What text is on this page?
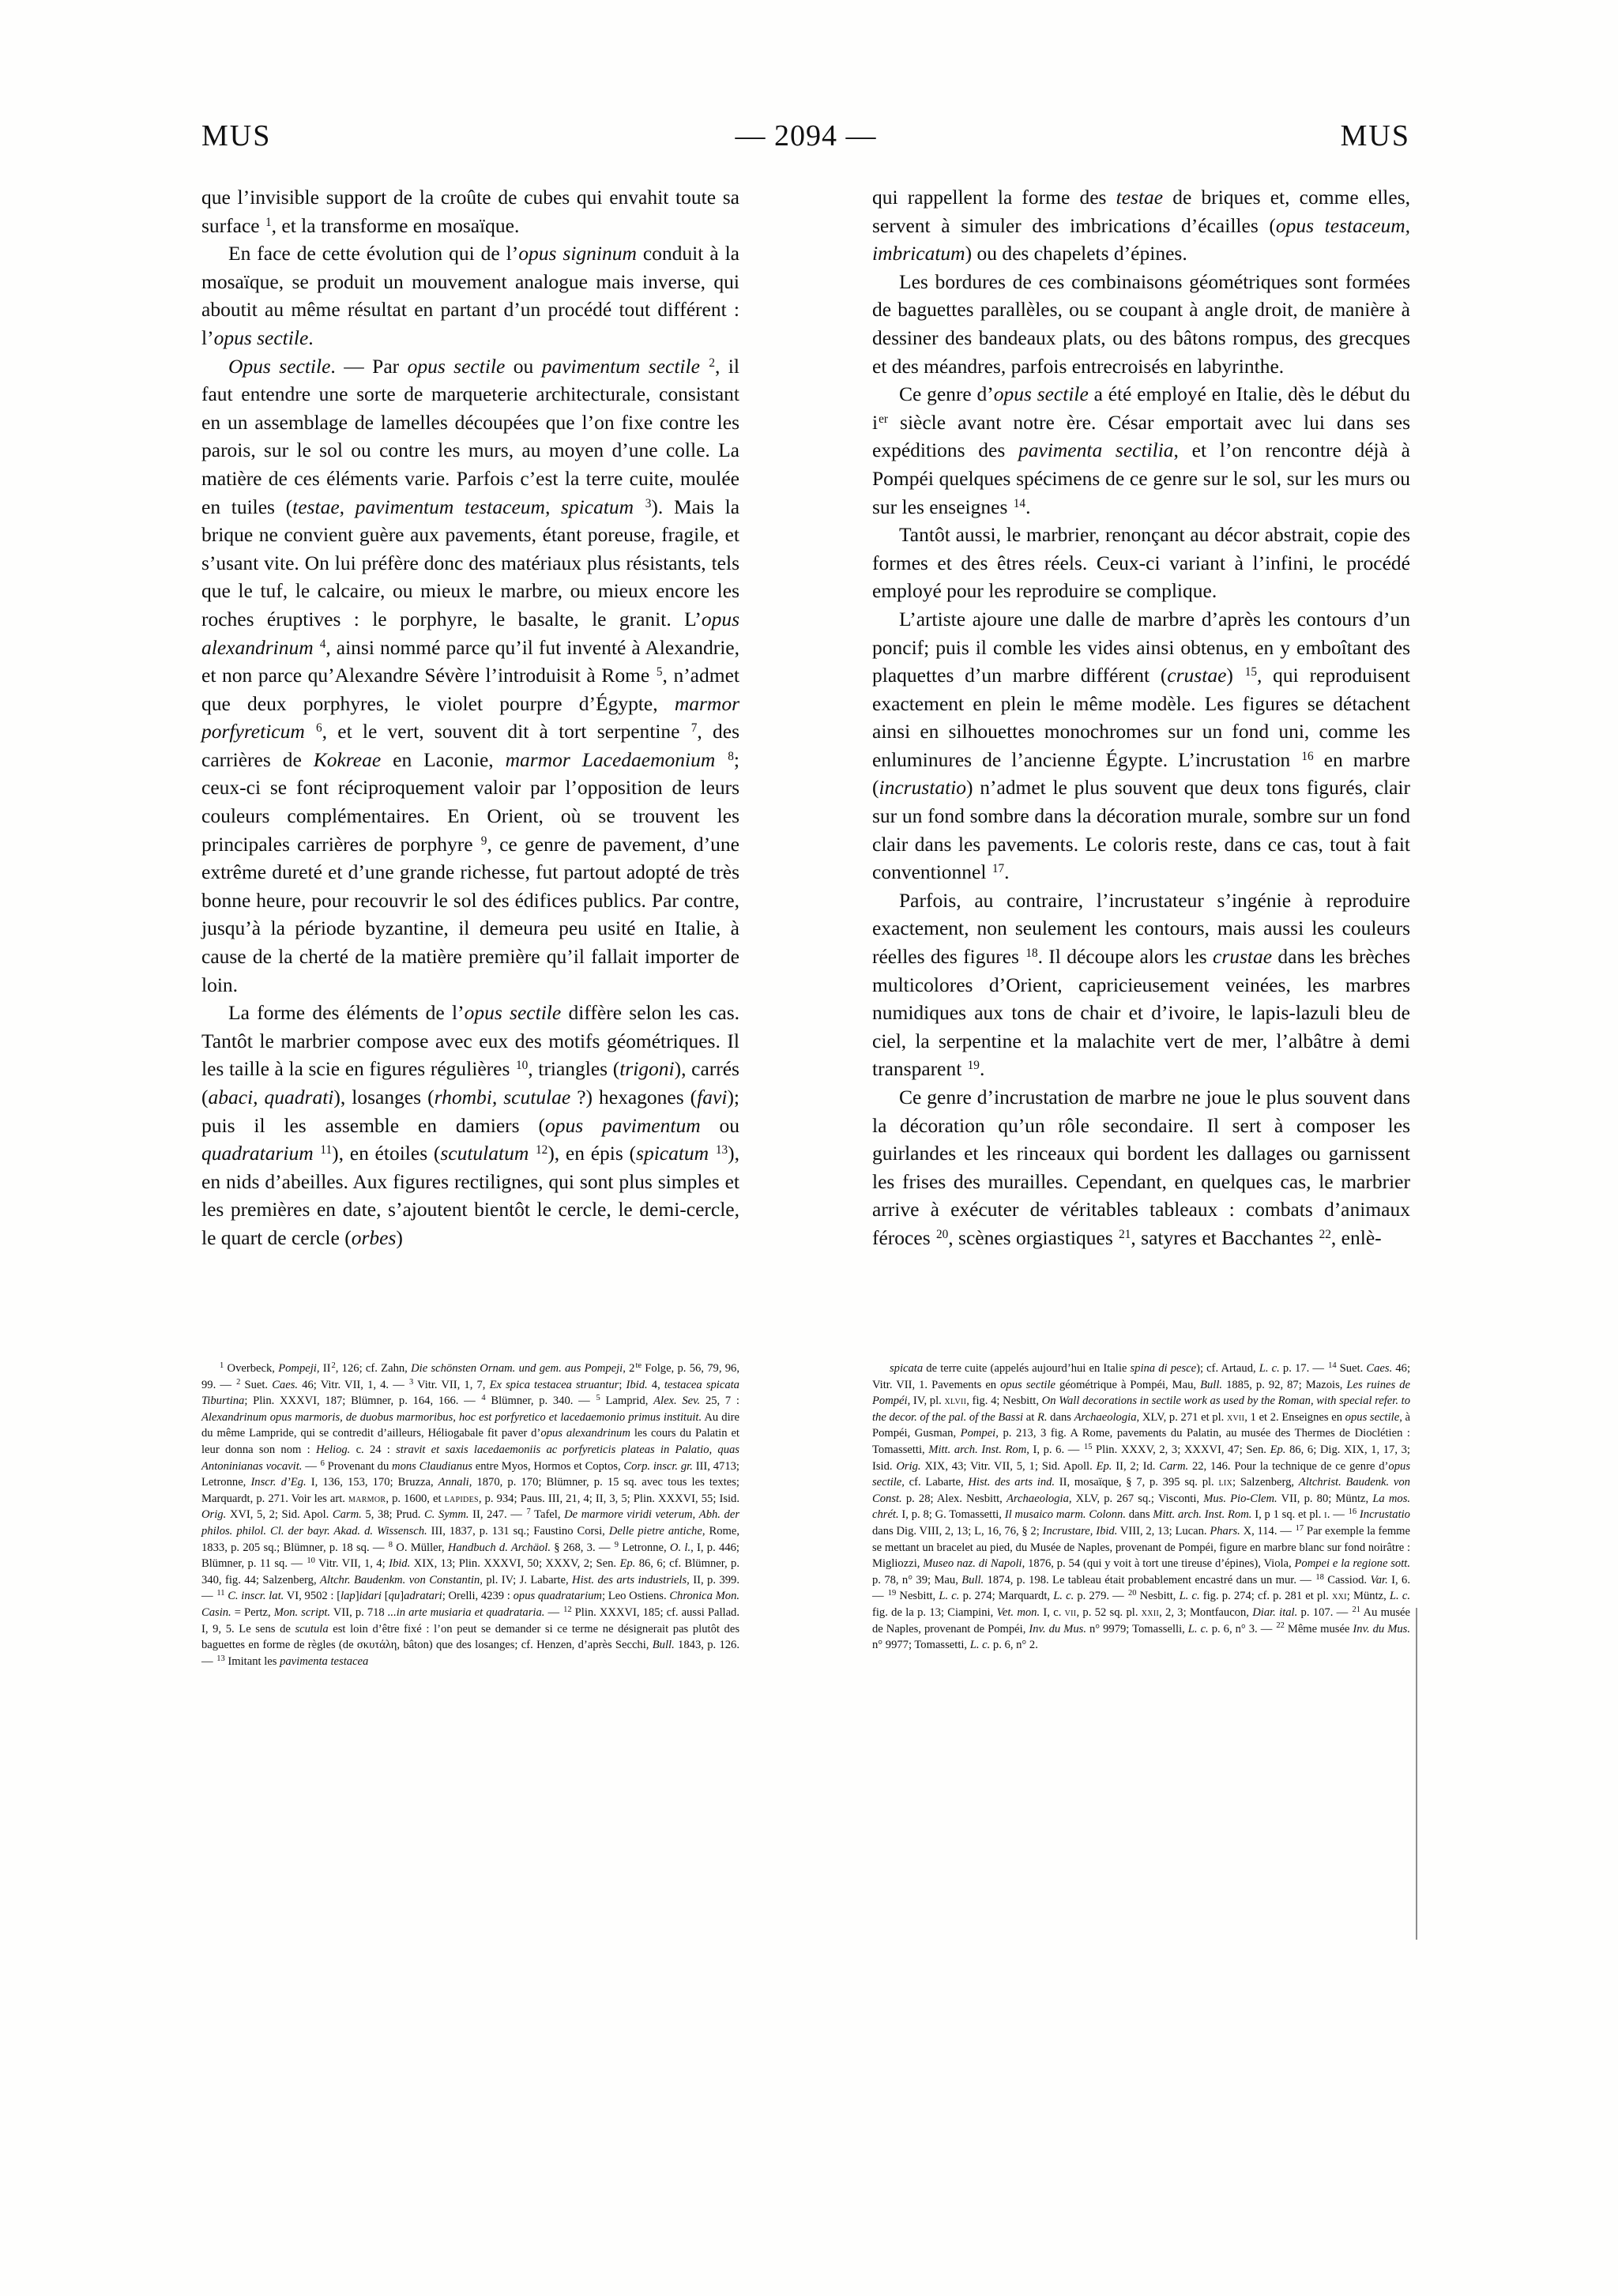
MUS	— 2094 —	MUS

que l’invisible support de la croûte de cubes qui envahit toute sa surface $^1$, et la transforme en mosaïque.

En face de cette évolution qui de l’opus signinum conduit à la mosaïque, se produit un mouvement analogue mais inverse, qui aboutit au même résultat en partant d’un procédé tout différent : l’opus sectile.

Opus sectile. — Par opus sectile ou pavimentum sectile $^2$, il faut entendre une sorte de marqueterie architecturale, consistant en un assemblage de lamelles découpées que l’on fixe contre les parois, sur le sol ou contre les murs, au moyen d’une colle. La matière de ces éléments varie. Parfois c’est la terre cuite, moulée en tuiles (testae, pavimentum testaceum, spicatum $^3$). Mais la brique ne convient guère aux pavements, étant poreuse, fragile, et s’usant vite. On lui préfère donc des matériaux plus résistants, tels que le tuf, le calcaire, ou mieux le marbre, ou mieux encore les roches éruptives : le porphyre, le basalte, le granit. L’opus alexandrinum $^4$, ainsi nommé parce qu’il fut inventé à Alexandrie, et non parce qu’Alexandre Sévère l’introduisit à Rome $^5$, n’admet que deux porphyres, le violet pourpre d’Égypte, marmor porfyreticum $^6$, et le vert, souvent dit à tort serpentine $^7$, des carrières de Kokreae en Laconie, marmor Lacedaemonium $^8$; ceux-ci se font réciproquement valoir par l’opposition de leurs couleurs complémentaires. En Orient, où se trouvent les principales carrières de porphyre $^9$, ce genre de pavement, d’une extrême dureté et d’une grande richesse, fut partout adopté de très bonne heure, pour recouvrir le sol des édifices publics. Par contre, jusqu’à la période byzantine, il demeura peu usité en Italie, à cause de la cherté de la matière première qu’il fallait importer de loin.

La forme des éléments de l’opus sectile diffère selon les cas. Tantôt le marbrier compose avec eux des motifs géométriques. Il les taille à la scie en figures régulières $^{10}$, triangles (trigoni), carrés (abaci, quadrati), losanges (rhombi, scutulae ?) hexagones (favi); puis il les assemble en damiers (opus pavimentum ou quadratarium $^{11}$), en étoiles (scutulatum $^{12}$), en épis (spicatum $^{13}$), en nids d’abeilles. Aux figures rectilignes, qui sont plus simples et les premières en date, s’ajoutent bientôt le cercle, le demi-cercle, le quart de cercle (orbes)

qui rappellent la forme des testae de briques et, comme elles, servent à simuler des imbrications d’écailles (opus testaceum, imbricatum) ou des chapelets d’épines.

Les bordures de ces combinaisons géométriques sont formées de baguettes parallèles, ou se coupant à angle droit, de manière à dessiner des bandeaux plats, ou des bâtons rompus, des grecques et des méandres, parfois entrecroisés en labyrinthe.

Ce genre d’opus sectile a été employé en Italie, dès le début du $i^{er}$ siècle avant notre ère. César emportait avec lui dans ses expéditions des pavimenta sectilia, et l’on rencontre déjà à Pompéi quelques spécimens de ce genre sur le sol, sur les murs ou sur les enseignes $^{14}$.

Tantôt aussi, le marbrier, renonçant au décor abstrait, copie des formes et des êtres réels. Ceux-ci variant à l’infini, le procédé employé pour les reproduire se complique.

L’artiste ajoure une dalle de marbre d’après les contours d’un poncif; puis il comble les vides ainsi obtenus, en y emboîtant des plaquettes d’un marbre différent (crustae) $^{15}$, qui reproduisent exactement en plein le même modèle. Les figures se détachent ainsi en silhouettes monochromes sur un fond uni, comme les enluminures de l’ancienne Égypte. L’incrustation $^{16}$ en marbre (incrustatio) n’admet le plus souvent que deux tons figurés, clair sur un fond sombre dans la décoration murale, sombre sur un fond clair dans les pavements. Le coloris reste, dans ce cas, tout à fait conventionnel $^{17}$.

Parfois, au contraire, l’incrustateur s’ingénie à reproduire exactement, non seulement les contours, mais aussi les couleurs réelles des figures $^{18}$. Il découpe alors les crustae dans les brèches multicolores d’Orient, capricieusement veinées, les marbres numidiques aux tons de chair et d’ivoire, le lapis-lazuli bleu de ciel, la serpentine et la malachite vert de mer, l’albâtre à demi transparent $^{19}$.

Ce genre d’incrustation de marbre ne joue le plus souvent dans la décoration qu’un rôle secondaire. Il sert à composer les guirlandes et les rinceaux qui bordent les dallages ou garnissent les frises des murailles. Cependant, en quelques cas, le marbrier arrive à exécuter de véritables tableaux : combats d’animaux féroces $^{20}$, scènes orgiastiques $^{21}$, satyres et Bacchantes $^{22}$, enlè-

$^1$ Overbeck, Pompeji, $II^2$, 126; cf. Zahn, Die schönsten Ornam. und gem. aus Pompeji, $2^{te}$ Folge, p. 56, 79, 96, 99. — $^2$ Suet. Caes. 46; Vitr. VII, 1, 4. — $^3$ Vitr. VII, 1, 7, Ex spica testacea struantur; Ibid. 4, testacea spicata Tiburtina; Plin. XXXVI, 187; Blümner, p. 164, 166. — $^4$ Blümner, p. 340. — $^5$ Lamprid, Alex. Sev. 25, 7 : Alexandrinum opus marmoris, de duobus marmoribus, hoc est porfyretico et lacedaemonio primus instituit. Au dire du même Lampride, qui se contredit d’ailleurs, Héliogabale fit paver d’opus alexandrinum les cours du Palatin et leur donna son nom : Heliog. c. 24 : stravit et saxis lacedaemoniis ac porfyreticis plateas in Palatio, quas Antoninianas vocavit. — $^6$ Provenant du mons Claudianus entre Myos, Hormos et Coptos, Corp. inscr. gr. III, 4713; Letronne, Inscr. d’Eg. I, 136, 153, 170; Bruzza, Annali, 1870, p. 170; Blümner, p. 15 sq. avec tous les textes; Marquardt, p. 271. Voir les art. marmor, p. 1600, et lapides, p. 934; Paus. III, 21, 4; II, 3, 5; Plin. XXXVI, 55; Isid. Orig. XVI, 5, 2; Sid. Apol. Carm. 5, 38; Prud. C. Symm. II, 247. — $^7$ Tafel, De marmore viridi veterum, Abh. der philos. philol. Cl. der bayr. Akad. d. Wissensch. III, 1837, p. 131 sq.; Faustino Corsi, Delle pietre antiche, Rome, 1833, p. 205 sq.; Blümner, p. 18 sq. — $^8$ O. Müller, Handbuch d. Archäol. § 268, 3. — $^9$ Letronne, O. l., I, p. 446; Blümner, p. 11 sq. — $^{10}$ Vitr. VII, 1, 4; Ibid. XIX, 13; Plin. XXXVI, 50; XXXV, 2; Sen. Ep. 86, 6; cf. Blümner, p. 340, fig. 44; Salzenberg, Altchr. Baudenkm. von Constantin, pl. IV; J. Labarte, Hist. des arts industriels, II, p. 399. — $^{11}$ C. inscr. lat. VI, 9502 : [lap]idari [qu]adratari; Orelli, 4239 : opus quadratarium; Leo Ostiens. Chronica Mon. Casin. = Pertz, Mon. script. VII, p. 718 ...in arte musiaria et quadrataria. — $^{12}$ Plin. XXXVI, 185; cf. aussi Pallad. I, 9, 5. Le sens de scutula est loin d’être fixé : l’on peut se demander si ce terme ne désignerait pas plutôt des baguettes en forme de règles (de σκυτάλη, bâton) que des losanges; cf. Henzen, d’après Secchi, Bull. 1843, p. 126. — $^{13}$ Imitant les pavimenta testacea

spicata de terre cuite (appelés aujourd’hui en Italie spina di pesce); cf. Artaud, L. c. p. 17. — $^{14}$ Suet. Caes. 46; Vitr. VII, 1. Pavements en opus sectile géométrique à Pompéi, Mau, Bull. 1885, p. 92, 87; Mazois, Les ruines de Pompéi, IV, pl. xlvii, fig. 4; Nesbitt, On Wall decorations in sectile work as used by the Roman, with special refer. to the decor. of the pal. of the Bassi at R. dans Archaeologia, XLV, p. 271 et pl. xvii, 1 et 2. Enseignes en opus sectile, à Pompéi, Gusman, Pompei, p. 213, 3 fig. A Rome, pavements du Palatin, au musée des Thermes de Dioclétien : Tomassetti, Mitt. arch. Inst. Rom, I, p. 6. — $^{15}$ Plin. XXXV, 2, 3; XXXVI, 47; Sen. Ep. 86, 6; Dig. XIX, 1, 17, 3; Isid. Orig. XIX, 43; Vitr. VII, 5, 1; Sid. Apoll. Ep. II, 2; Id. Carm. 22, 146. Pour la technique de ce genre d’opus sectile, cf. Labarte, Hist. des arts ind. II, mosaïque, § 7, p. 395 sq. pl. lix; Salzenberg, Altchrist. Baudenk. von Const. p. 28; Alex. Nesbitt, Archaeologia, XLV, p. 267 sq.; Visconti, Mus. Pio-Clem. VII, p. 80; Müntz, La mos. chrét. I, p. 8; G. Tomassetti, Il musaico marm. Colonn. dans Mitt. arch. Inst. Rom. I, p 1 sq. et pl. i. — $^{16}$ Incrustatio dans Dig. VIII, 2, 13; L, 16, 76, § 2; Incrustare, Ibid. VIII, 2, 13; Lucan. Phars. X, 114. — $^{17}$ Par exemple la femme se mettant un bracelet au pied, du Musée de Naples, provenant de Pompéi, figure en marbre blanc sur fond noirâtre : Migliozzi, Museo naz. di Napoli, 1876, p. 54 (qui y voit à tort une tireuse d’épines), Viola, Pompei e la regione sott. p. 78, n° 39; Mau, Bull. 1874, p. 198. Le tableau était probablement encastré dans un mur. — $^{18}$ Cassiod. Var. I, 6. — $^{19}$ Nesbitt, L. c. p. 274; Marquardt, L. c. p. 279. — $^{20}$ Nesbitt, L. c. fig. p. 274; cf. p. 281 et pl. xxi; Müntz, L. c. fig. de la p. 13; Ciampini, Vet. mon. I, c. vii, p. 52 sq. pl. xxii, 2, 3; Montfaucon, Diar. ital. p. 107. — $^{21}$ Au musée de Naples, provenant de Pompéi, Inv. du Mus. n° 9979; Tomasselli, L. c. p. 6, n° 3. — $^{22}$ Même musée Inv. du Mus. n° 9977; Tomassetti, L. c. p. 6, n° 2.
